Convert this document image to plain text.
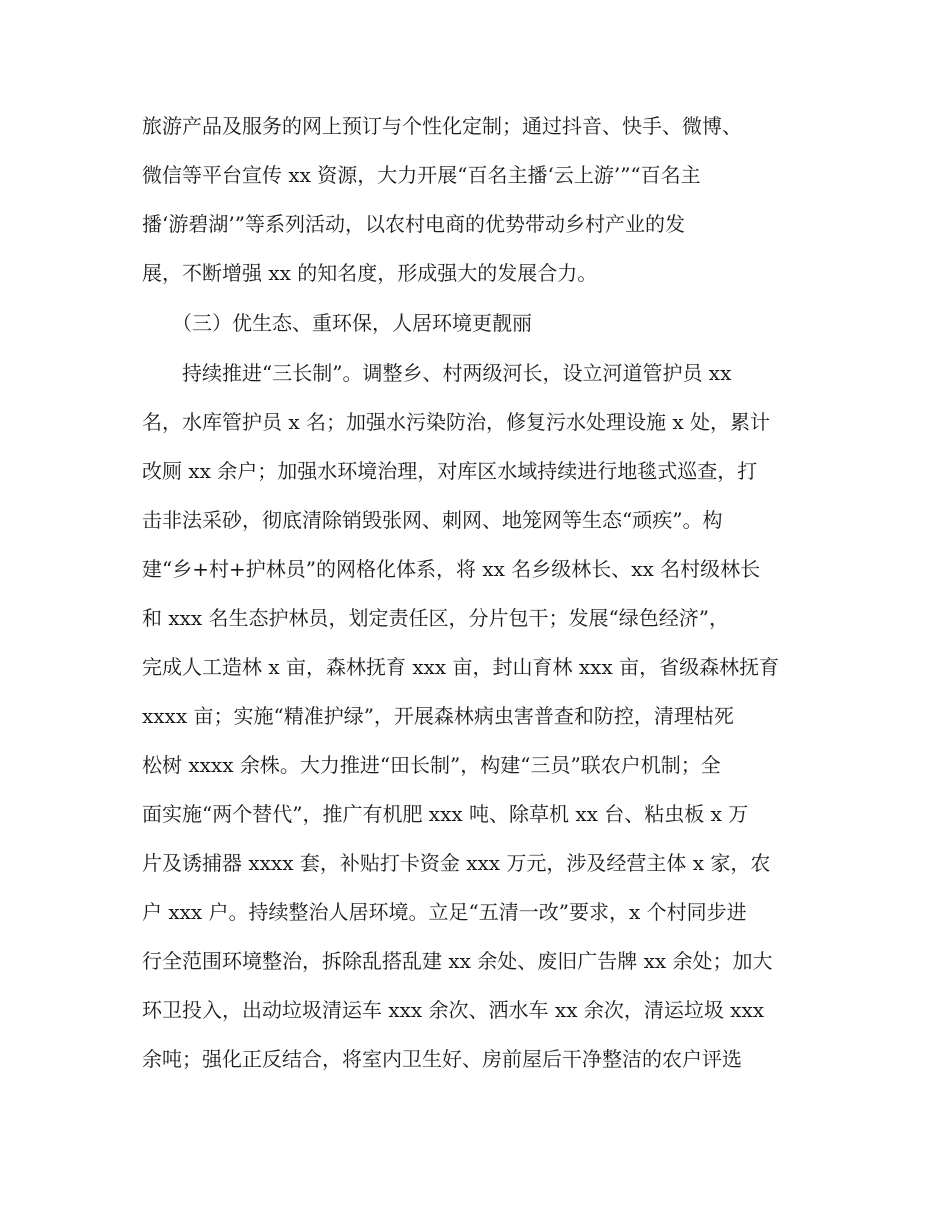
旅游产品及服务的网上预订与个性化定制；通过抖音、快手、微博、
微信等平台宣传 xx 资源，大力开展“百名主播‘云上游’”“百名主
播‘游碧湖’”等系列活动，以农村电商的优势带动乡村产业的发
展，不断增强 xx 的知名度，形成强大的发展合力。
（三）优生态、重环保，人居环境更靓丽
持续推进“三长制”。调整乡、村两级河长，设立河道管护员 xx
名，水库管护员 x 名；加强水污染防治，修复污水处理设施 x 处，累计
改厕 xx 余户；加强水环境治理，对库区水域持续进行地毯式巡查，打
击非法采砂，彻底清除销毁张网、刺网、地笼网等生态“顽疾”。构
建“乡+村+护林员”的网格化体系，将 xx 名乡级林长、xx 名村级林长
和 xxx 名生态护林员，划定责任区，分片包干；发展“绿色经济”，
完成人工造林 x 亩，森林抚育 xxx 亩，封山育林 xxx 亩，省级森林抚育
xxxx 亩；实施“精准护绿”，开展森林病虫害普查和防控，清理枯死
松树 xxxx 余株。大力推进“田长制”，构建“三员”联农户机制；全
面实施“两个替代”，推广有机肥 xxx 吨、除草机 xx 台、粘虫板 x 万
片及诱捕器 xxxx 套，补贴打卡资金 xxx 万元，涉及经营主体 x 家，农
户 xxx 户。持续整治人居环境。立足“五清一改”要求，x 个村同步进
行全范围环境整治，拆除乱搭乱建 xx 余处、废旧广告牌 xx 余处；加大
环卫投入，出动垃圾清运车 xxx 余次、洒水车 xx 余次，清运垃圾 xxx
余吨；强化正反结合，将室内卫生好、房前屋后干净整洁的农户评选
